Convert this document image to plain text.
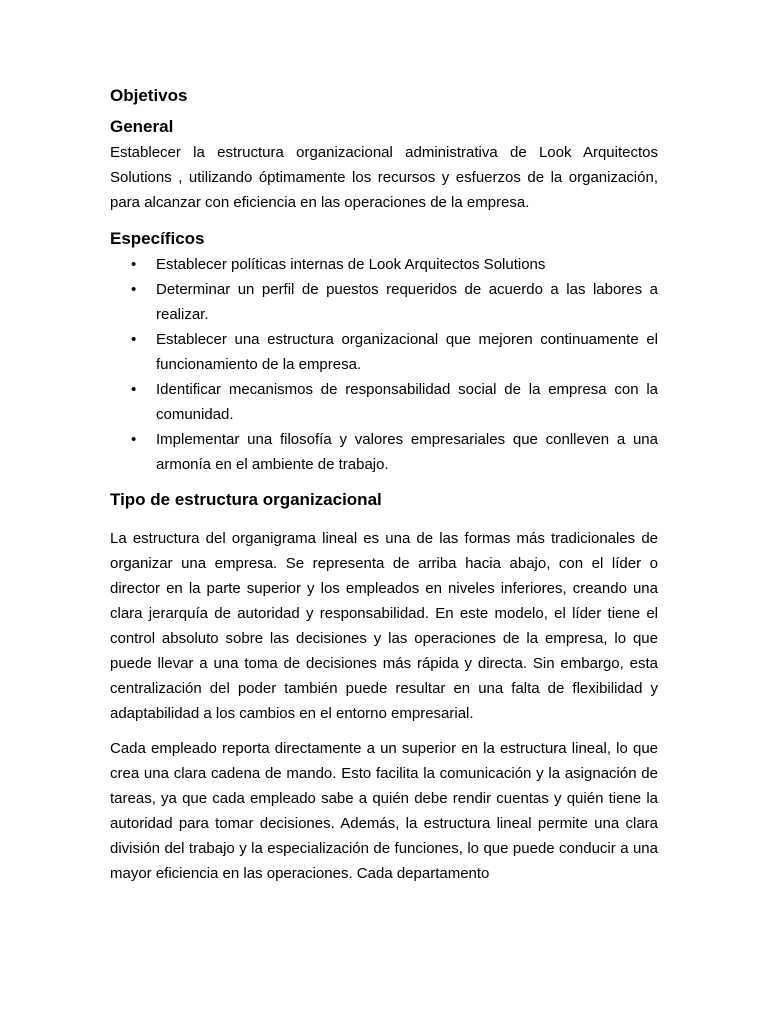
Objetivos
General

Establecer la estructura organizacional administrativa de Look Arquitectos Solutions , utilizando óptimamente los recursos y esfuerzos de la organización, para alcanzar con eficiencia en las operaciones de la empresa.

Específicos
• Establecer políticas internas de Look Arquitectos Solutions
• Determinar un perfil de puestos requeridos de acuerdo a las labores a realizar.
• Establecer una estructura organizacional que mejoren continuamente el funcionamiento de la empresa.
• Identificar mecanismos de responsabilidad social de la empresa con la comunidad.
• Implementar una filosofía y valores empresariales que conlleven a una armonía en el ambiente de trabajo.
Tipo de estructura organizacional

La estructura del organigrama lineal es una de las formas más tradicionales de organizar una empresa. Se representa de arriba hacia abajo, con el líder o director en la parte superior y los empleados en niveles inferiores, creando una clara jerarquía de autoridad y responsabilidad. En este modelo, el líder tiene el control absoluto sobre las decisiones y las operaciones de la empresa, lo que puede llevar a una toma de decisiones más rápida y directa. Sin embargo, esta centralización del poder también puede resultar en una falta de flexibilidad y adaptabilidad a los cambios en el entorno empresarial.

Cada empleado reporta directamente a un superior en la estructura lineal, lo que crea una clara cadena de mando. Esto facilita la comunicación y la asignación de tareas, ya que cada empleado sabe a quién debe rendir cuentas y quién tiene la autoridad para tomar decisiones. Además, la estructura lineal permite una clara división del trabajo y la especialización de funciones, lo que puede conducir a una mayor eficiencia en las operaciones. Cada departamento
